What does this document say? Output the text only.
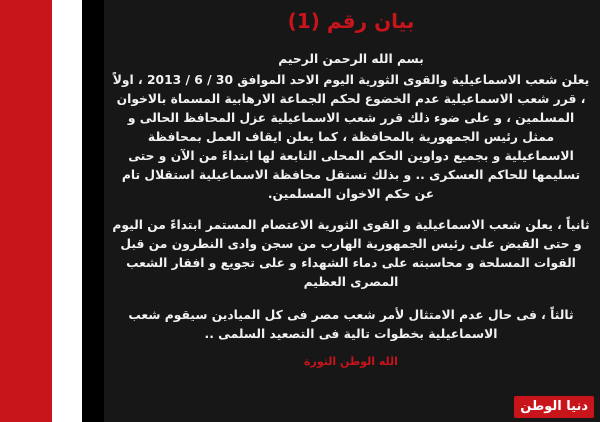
بيان رقم (1)

بسم الله الرحمن الرحيم

يعلن شعب الاسماعيلية والقوى الثورية اليوم الاحد الموافق 30 / 6 / 2013 ، اولاً ، قرر شعب الاسماعيلية عدم الخضوع لحكم الجماعة الارهابية المسماة بالاخوان المسلمين ، و على ضوء ذلك قرر شعب الاسماعيلية عزل المحافظ الحالى و ممثل رئيس الجمهورية بالمحافظة ، كما يعلن ايقاف العمل بمحافظة الاسماعيلية و بجميع دواوين الحكم المحلى التابعة لها ابتداءً من الآن و حتى تسليمها للحاكم العسكرى .. و بذلك تستقل محافظة الاسماعيلية استقلال تام عن حكم الاخوان المسلمين.

ثانياً ، يعلن شعب الاسماعيلية و القوى الثورية الاعتصام المستمر ابتداءً من اليوم و حتى القبض على رئيس الجمهورية الهارب من سجن وادى النطرون من قبل القوات المسلحة و محاسبته على دماء الشهداء و على تجويع و افقار الشعب المصرى العظيم

ثالثاً ، فى حال عدم الامتثال لأمر شعب مصر فى كل الميادين سيقوم شعب الاسماعيلية بخطوات تالية فى التصعيد السلمى ..

الله الوطن الثورة
دنيا الوطن
